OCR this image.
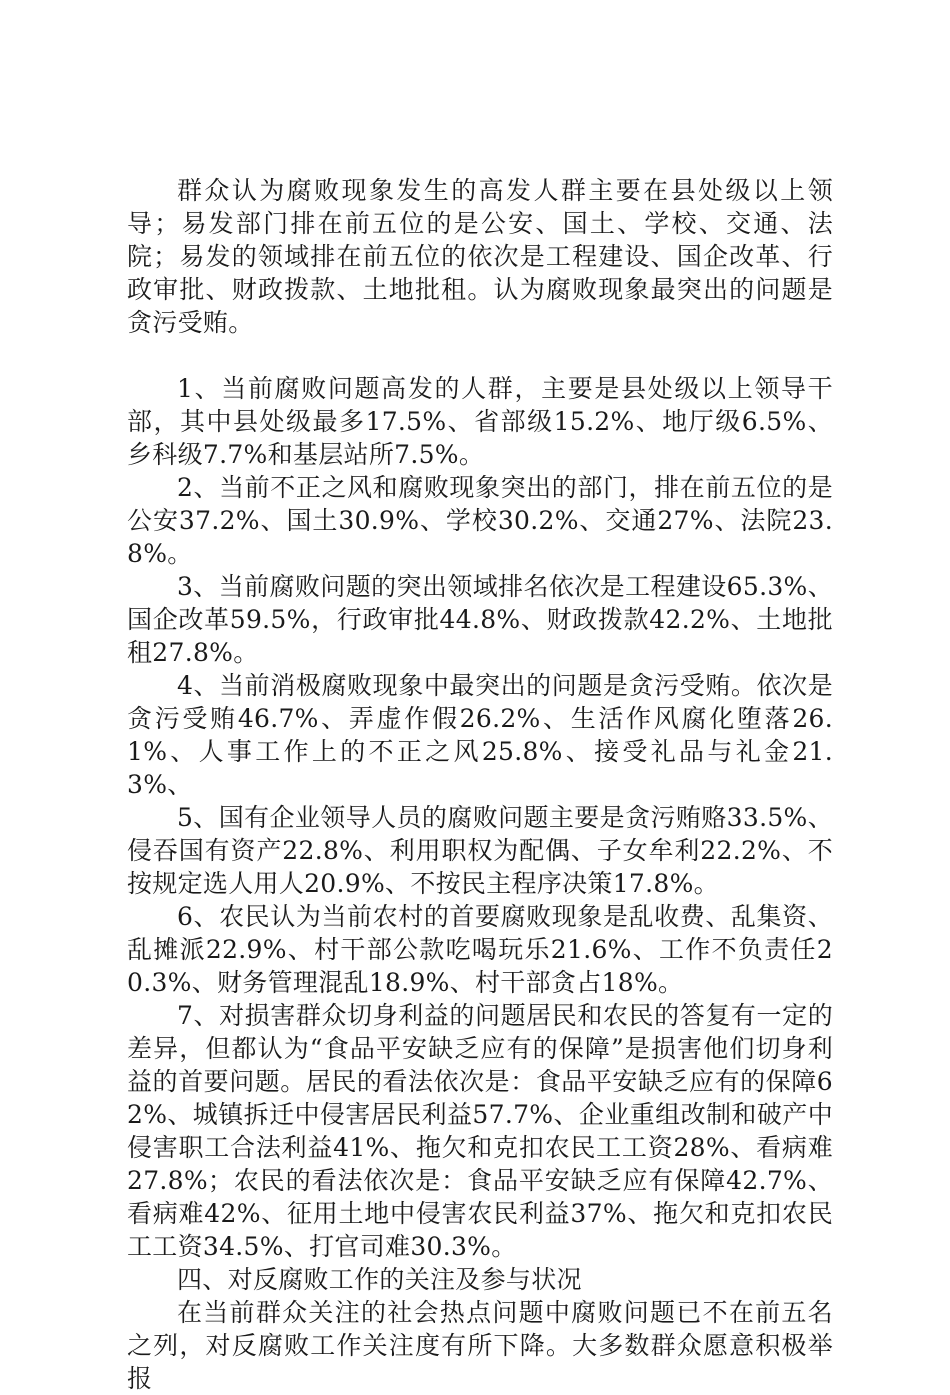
群众认为腐败现象发生的高发人群主要在县处级以上领导；易发部门排在前五位的是公安、国土、学校、交通、法院；易发的领域排在前五位的依次是工程建设、国企改革、行政审批、财政拨款、土地批租。认为腐败现象最突出的问题是贪污受贿。

1、当前腐败问题高发的人群，主要是县处级以上领导干部，其中县处级最多17.5%、省部级15.2%、地厅级6.5%、乡科级7.7%和基层站所7.5%。

2、当前不正之风和腐败现象突出的部门，排在前五位的是公安37.2%、国土30.9%、学校30.2%、交通27%、法院23.8%。

3、当前腐败问题的突出领域排名依次是工程建设65.3%、国企改革59.5%，行政审批44.8%、财政拨款42.2%、土地批租27.8%。

4、当前消极腐败现象中最突出的问题是贪污受贿。依次是贪污受贿46.7%、弄虚作假26.2%、生活作风腐化堕落26.1%、人事工作上的不正之风25.8%、接受礼品与礼金21.3%、

5、国有企业领导人员的腐败问题主要是贪污贿赂33.5%、侵吞国有资产22.8%、利用职权为配偶、子女牟利22.2%、不按规定选人用人20.9%、不按民主程序决策17.8%。

6、农民认为当前农村的首要腐败现象是乱收费、乱集资、乱摊派22.9%、村干部公款吃喝玩乐21.6%、工作不负责任20.3%、财务管理混乱18.9%、村干部贪占18%。

7、对损害群众切身利益的问题居民和农民的答复有一定的差异，但都认为“食品平安缺乏应有的保障”是损害他们切身利益的首要问题。居民的看法依次是：食品平安缺乏应有的保障62%、城镇拆迁中侵害居民利益57.7%、企业重组改制和破产中侵害职工合法利益41%、拖欠和克扣农民工工资28%、看病难27.8%；农民的看法依次是：食品平安缺乏应有保障42.7%、看病难42%、征用土地中侵害农民利益37%、拖欠和克扣农民工工资34.5%、打官司难30.3%。

四、对反腐败工作的关注及参与状况

在当前群众关注的社会热点问题中腐败问题已不在前五名之列，对反腐败工作关注度有所下降。大多数群众愿意积极举报
